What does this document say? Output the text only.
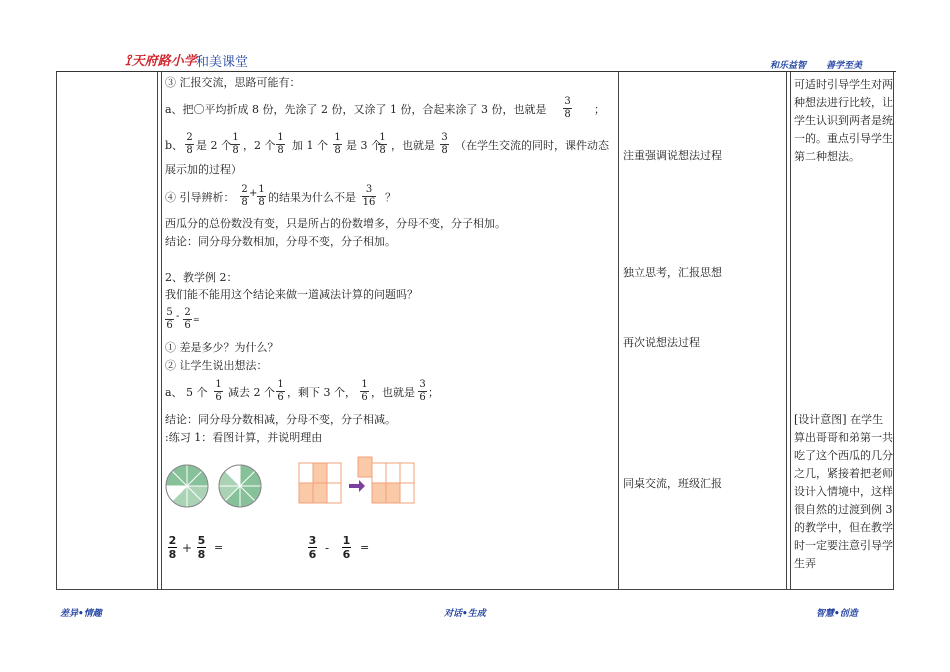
⟟天府路小学 和美课堂	和乐益智 善学至美
③ 汇报交流，思路可能有：
a、把〇平均折成 8 份，先涂了 2 份，又涂了 1 份，合起来涂了 3 份，也就是
3
8 ；
b、
2
8 是 2 个
1
8 ，2 个
1
8 加 1 个
1
8 是 3 个
1
8 ，也就是
3
8 （在学生交流的同时，课件动态
展示加的过程）
④ 引导辨析：
2
8
+ 1
8 的结果为什么不是
3
16 ？
西瓜分的总份数没有变，只是所占的份数增多，分母不变，分子相加。
结论：同分母分数相加，分母不变，分子相加。
2、教学例 2：
我们能不能用这个结论来做一道减法计算的问题吗？
5
6
- 2
6
=
① 差是多少？为什么？
② 让学生说出想法：
a、 5 个
1
6 减去 2 个
1
6 ，剩下 3 个，
1
6 ，也就是
3
6 ；
结论：同分母分数相减，分母不变，分子相减。
:练习 1：看图计算，并说明理由
2
8 +
5
8
=
3
6 -
1
6
=
注重强调说想法过程
独立思考，汇报思想
再次说想法过程
同桌交流，班级汇报
可适时引导学生对两种想法进行比较，让学生认识到两者是统一的。重点引导学生第二种想法。
[设计意图] 在学生算出哥哥和弟第一共吃了这个西瓜的几分之几，紧接着把老师设计入情境中，这样很自然的过渡到例 3 的教学中，但在教学时一定要注意引导学生弄
差异•情趣	对话•生成	智慧•创造
